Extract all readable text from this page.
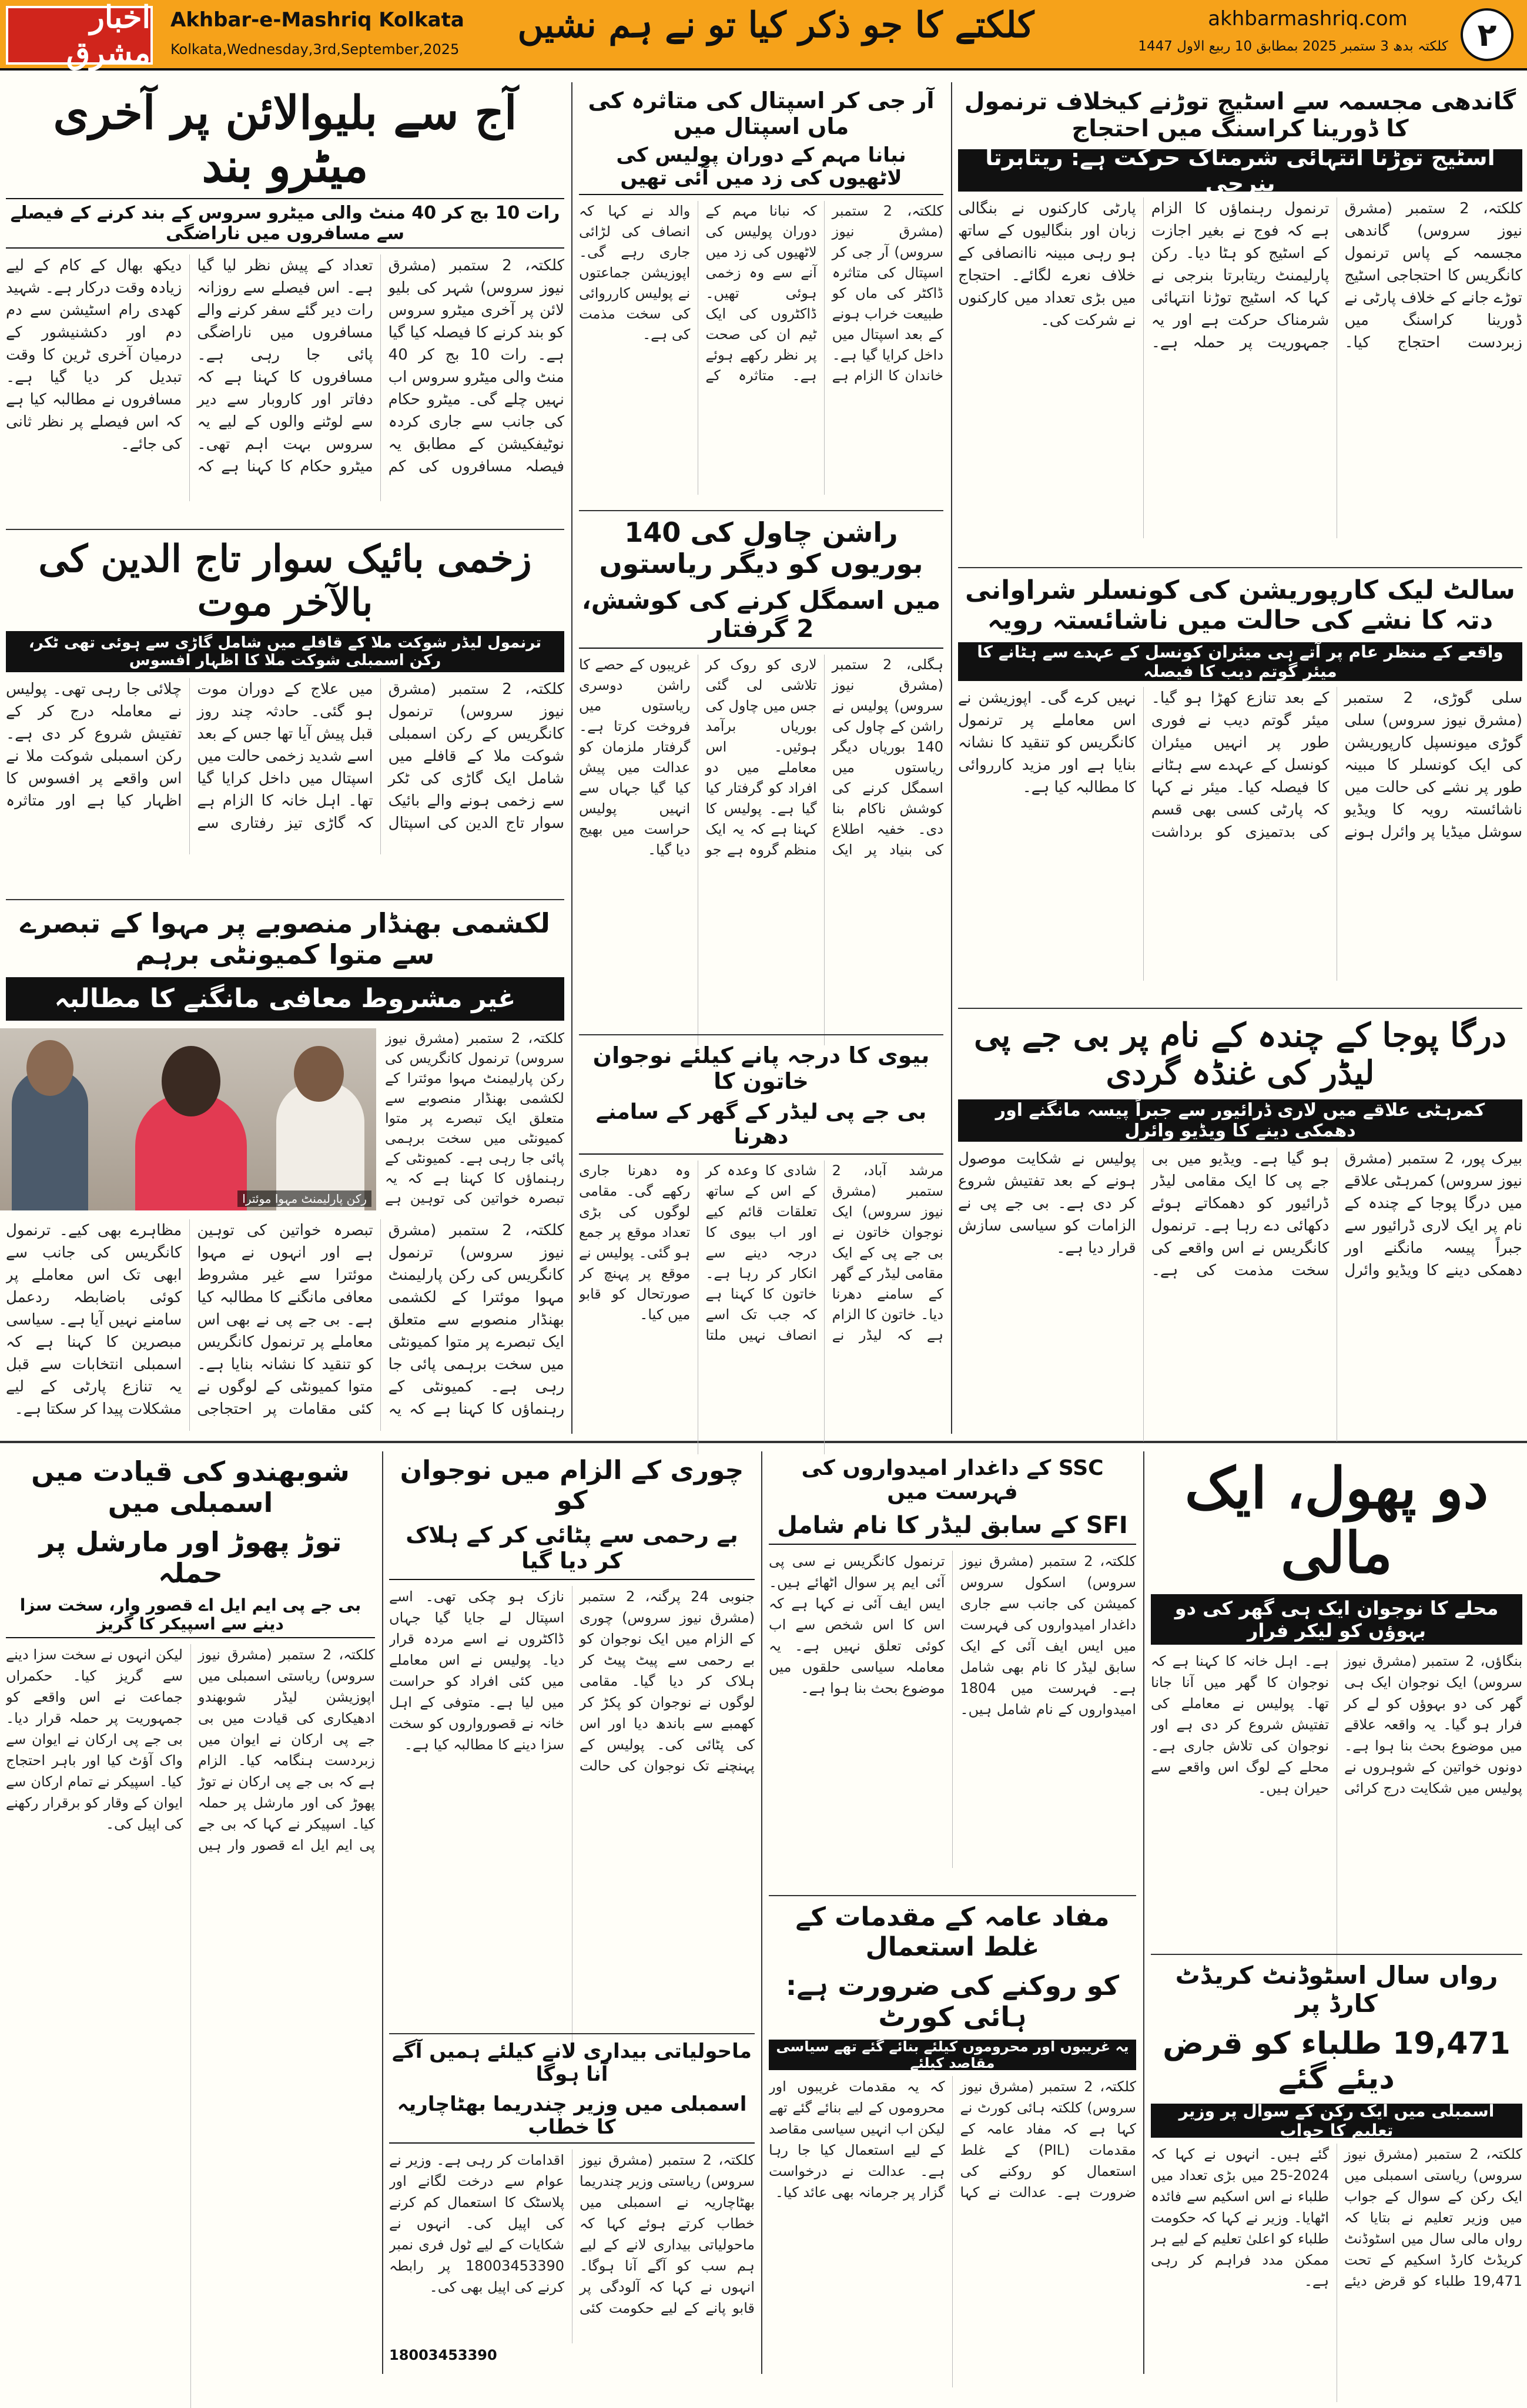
اخبار مشرق
Akhbar-e-Mashriq Kolkata
Kolkata,Wednesday,3rd,September,2025
کلکتے کا جو ذکر کیا تو نے ہم نشیں	akhbarmashriq.com
کلکتہ بدھ 3 ستمبر 2025 بمطابق 10 ربیع الاول 1447 ۲
آج سے بلیوالائن پر آخری میٹرو بند
رات 10 بج کر 40 منٹ والی میٹرو سروس کے بند کرنے کے فیصلے سے مسافروں میں ناراضگی
کلکتہ، 2 ستمبر (مشرق نیوز سروس) شہر کی بلیو لائن پر آخری میٹرو سروس کو بند کرنے کا فیصلہ کیا گیا ہے۔ رات 10 بج کر 40 منٹ والی میٹرو سروس اب نہیں چلے گی۔ میٹرو حکام کی جانب سے جاری کردہ نوٹیفکیشن کے مطابق یہ فیصلہ مسافروں کی کم تعداد کے پیش نظر لیا گیا ہے۔ اس فیصلے سے روزانہ رات دیر گئے سفر کرنے والے مسافروں میں ناراضگی پائی جا رہی ہے۔ مسافروں کا کہنا ہے کہ دفاتر اور کاروبار سے دیر سے لوٹنے والوں کے لیے یہ سروس بہت اہم تھی۔ میٹرو حکام کا کہنا ہے کہ دیکھ بھال کے کام کے لیے زیادہ وقت درکار ہے۔ شہید کھدی رام اسٹیشن سے دم دم اور دکشنیشور کے درمیان آخری ٹرین کا وقت تبدیل کر دیا گیا ہے۔ مسافروں نے مطالبہ کیا ہے کہ اس فیصلے پر نظر ثانی کی جائے۔
زخمی بائیک سوار تاج الدین کی بالآخر موت
ترنمول لیڈر شوکت ملا کے قافلے میں شامل گاڑی سے ہوئی تھی ٹکر، رکن اسمبلی شوکت ملا کا اظہار افسوس
کلکتہ، 2 ستمبر (مشرق نیوز سروس) ترنمول کانگریس کے رکن اسمبلی شوکت ملا کے قافلے میں شامل ایک گاڑی کی ٹکر سے زخمی ہونے والے بائیک سوار تاج الدین کی اسپتال میں علاج کے دوران موت ہو گئی۔ حادثہ چند روز قبل پیش آیا تھا جس کے بعد اسے شدید زخمی حالت میں اسپتال میں داخل کرایا گیا تھا۔ اہل خانہ کا الزام ہے کہ گاڑی تیز رفتاری سے چلائی جا رہی تھی۔ پولیس نے معاملہ درج کر کے تفتیش شروع کر دی ہے۔ رکن اسمبلی شوکت ملا نے اس واقعے پر افسوس کا اظہار کیا ہے اور متاثرہ
لکشمی بھنڈار منصوبے پر مہوا کے تبصرے سے متوا کمیونٹی برہم
غیر مشروط معافی مانگنے کا مطالبہ
رکن پارلیمنٹ مہوا موئترا
کلکتہ، 2 ستمبر (مشرق نیوز سروس) ترنمول کانگریس کی رکن پارلیمنٹ مہوا موئترا کے لکشمی بھنڈار منصوبے سے متعلق ایک تبصرے پر متوا کمیونٹی میں سخت برہمی پائی جا رہی ہے۔ کمیونٹی کے رہنماؤں کا کہنا ہے کہ یہ تبصرہ خواتین کی توہین ہے
کلکتہ، 2 ستمبر (مشرق نیوز سروس) ترنمول کانگریس کی رکن پارلیمنٹ مہوا موئترا کے لکشمی بھنڈار منصوبے سے متعلق ایک تبصرے پر متوا کمیونٹی میں سخت برہمی پائی جا رہی ہے۔ کمیونٹی کے رہنماؤں کا کہنا ہے کہ یہ تبصرہ خواتین کی توہین ہے اور انہوں نے مہوا موئترا سے غیر مشروط معافی مانگنے کا مطالبہ کیا ہے۔ بی جے پی نے بھی اس معاملے پر ترنمول کانگریس کو تنقید کا نشانہ بنایا ہے۔ متوا کمیونٹی کے لوگوں نے کئی مقامات پر احتجاجی مظاہرے بھی کیے۔ ترنمول کانگریس کی جانب سے ابھی تک اس معاملے پر کوئی باضابطہ ردعمل سامنے نہیں آیا ہے۔ سیاسی مبصرین کا کہنا ہے کہ اسمبلی انتخابات سے قبل یہ تنازع پارٹی کے لیے مشکلات پیدا کر سکتا ہے۔
آر جی کر اسپتال کی متاثرہ کی ماں اسپتال میں
نبانا مہم کے دوران پولیس کی لاٹھیوں کی زد میں آئی تھیں
کلکتہ، 2 ستمبر (مشرق نیوز سروس) آر جی کر اسپتال کی متاثرہ ڈاکٹر کی ماں کو طبیعت خراب ہونے کے بعد اسپتال میں داخل کرایا گیا ہے۔ خاندان کا الزام ہے کہ نبانا مہم کے دوران پولیس کی لاٹھیوں کی زد میں آنے سے وہ زخمی ہوئی تھیں۔ ڈاکٹروں کی ایک ٹیم ان کی صحت پر نظر رکھے ہوئے ہے۔ متاثرہ کے والد نے کہا کہ انصاف کی لڑائی جاری رہے گی۔ اپوزیشن جماعتوں نے پولیس کارروائی کی سخت مذمت کی ہے۔
راشن چاول کی 140 بوریوں کو دیگر ریاستوں
میں اسمگل کرنے کی کوشش، 2 گرفتار
ہگلی، 2 ستمبر (مشرق نیوز سروس) پولیس نے راشن کے چاول کی 140 بوریاں دیگر ریاستوں میں اسمگل کرنے کی کوشش ناکام بنا دی۔ خفیہ اطلاع کی بنیاد پر ایک لاری کو روک کر تلاشی لی گئی جس میں چاول کی بوریاں برآمد ہوئیں۔ اس معاملے میں دو افراد کو گرفتار کیا گیا ہے۔ پولیس کا کہنا ہے کہ یہ ایک منظم گروہ ہے جو غریبوں کے حصے کا راشن دوسری ریاستوں میں فروخت کرتا ہے۔ گرفتار ملزمان کو عدالت میں پیش کیا گیا جہاں سے انہیں پولیس حراست میں بھیج دیا گیا۔
بیوی کا درجہ پانے کیلئے نوجوان خاتون کا
بی جے پی لیڈر کے گھر کے سامنے دھرنا
مرشد آباد، 2 ستمبر (مشرق نیوز سروس) ایک نوجوان خاتون نے بی جے پی کے ایک مقامی لیڈر کے گھر کے سامنے دھرنا دیا۔ خاتون کا الزام ہے کہ لیڈر نے شادی کا وعدہ کر کے اس کے ساتھ تعلقات قائم کیے اور اب بیوی کا درجہ دینے سے انکار کر رہا ہے۔ خاتون کا کہنا ہے کہ جب تک اسے انصاف نہیں ملتا وہ دھرنا جاری رکھے گی۔ مقامی لوگوں کی بڑی تعداد موقع پر جمع ہو گئی۔ پولیس نے موقع پر پہنچ کر صورتحال کو قابو میں کیا۔
گاندھی مجسمہ سے اسٹیج توڑنے کیخلاف ترنمول کا ڈورینا کراسنگ میں احتجاج
اسٹیج توڑنا انتہائی شرمناک حرکت ہے: ریتابرتا بنرجی
کلکتہ، 2 ستمبر (مشرق نیوز سروس) گاندھی مجسمہ کے پاس ترنمول کانگریس کا احتجاجی اسٹیج توڑے جانے کے خلاف پارٹی نے ڈورینا کراسنگ میں زبردست احتجاج کیا۔ ترنمول رہنماؤں کا الزام ہے کہ فوج نے بغیر اجازت کے اسٹیج کو ہٹا دیا۔ رکن پارلیمنٹ ریتابرتا بنرجی نے کہا کہ اسٹیج توڑنا انتہائی شرمناک حرکت ہے اور یہ جمہوریت پر حملہ ہے۔ پارٹی کارکنوں نے بنگالی زبان اور بنگالیوں کے ساتھ ہو رہی مبینہ ناانصافی کے خلاف نعرے لگائے۔ احتجاج میں بڑی تعداد میں کارکنوں نے شرکت کی۔
سالٹ لیک کارپوریشن کی کونسلر شراوانی دتہ کا نشے کی حالت میں ناشائستہ رویہ
واقعے کے منظر عام پر آتے ہی میئران کونسل کے عہدے سے ہٹانے کا میئر گوتم دیب کا فیصلہ
سلی گوڑی، 2 ستمبر (مشرق نیوز سروس) سلی گوڑی میونسپل کارپوریشن کی ایک کونسلر کا مبینہ طور پر نشے کی حالت میں ناشائستہ رویہ کا ویڈیو سوشل میڈیا پر وائرل ہونے کے بعد تنازع کھڑا ہو گیا۔ میئر گوتم دیب نے فوری طور پر انہیں میئران کونسل کے عہدے سے ہٹانے کا فیصلہ کیا۔ میئر نے کہا کہ پارٹی کسی بھی قسم کی بدتمیزی کو برداشت نہیں کرے گی۔ اپوزیشن نے اس معاملے پر ترنمول کانگریس کو تنقید کا نشانہ بنایا ہے اور مزید کارروائی کا مطالبہ کیا ہے۔
درگا پوجا کے چندہ کے نام پر بی جے پی لیڈر کی غنڈہ گردی
کمرہٹی علاقے میں لاری ڈرائیور سے جبراً پیسہ مانگنے اور دھمکی دینے کا ویڈیو وائرل
بیرک پور، 2 ستمبر (مشرق نیوز سروس) کمرہٹی علاقے میں درگا پوجا کے چندہ کے نام پر ایک لاری ڈرائیور سے جبراً پیسہ مانگنے اور دھمکی دینے کا ویڈیو وائرل ہو گیا ہے۔ ویڈیو میں بی جے پی کا ایک مقامی لیڈر ڈرائیور کو دھمکاتے ہوئے دکھائی دے رہا ہے۔ ترنمول کانگریس نے اس واقعے کی سخت مذمت کی ہے۔ پولیس نے شکایت موصول ہونے کے بعد تفتیش شروع کر دی ہے۔ بی جے پی نے الزامات کو سیاسی سازش قرار دیا ہے۔
شوبھندو کی قیادت میں اسمبلی میں
توڑ پھوڑ اور مارشل پر حملہ
بی جے پی ایم ایل اے قصور وار، سخت سزا دینے سے اسپیکر کا گریز
کلکتہ، 2 ستمبر (مشرق نیوز سروس) ریاستی اسمبلی میں اپوزیشن لیڈر شوبھندو ادھیکاری کی قیادت میں بی جے پی ارکان نے ایوان میں زبردست ہنگامہ کیا۔ الزام ہے کہ بی جے پی ارکان نے توڑ پھوڑ کی اور مارشل پر حملہ کیا۔ اسپیکر نے کہا کہ بی جے پی ایم ایل اے قصور وار ہیں لیکن انہوں نے سخت سزا دینے سے گریز کیا۔ حکمراں جماعت نے اس واقعے کو جمہوریت پر حملہ قرار دیا۔ بی جے پی ارکان نے ایوان سے واک آؤٹ کیا اور باہر احتجاج کیا۔ اسپیکر نے تمام ارکان سے ایوان کے وقار کو برقرار رکھنے کی اپیل کی۔
چوری کے الزام میں نوجوان کو
بے رحمی سے پٹائی کر کے ہلاک کر دیا گیا
جنوبی 24 پرگنہ، 2 ستمبر (مشرق نیوز سروس) چوری کے الزام میں ایک نوجوان کو بے رحمی سے پیٹ پیٹ کر ہلاک کر دیا گیا۔ مقامی لوگوں نے نوجوان کو پکڑ کر کھمبے سے باندھ دیا اور اس کی پٹائی کی۔ پولیس کے پہنچنے تک نوجوان کی حالت نازک ہو چکی تھی۔ اسے اسپتال لے جایا گیا جہاں ڈاکٹروں نے اسے مردہ قرار دیا۔ پولیس نے اس معاملے میں کئی افراد کو حراست میں لیا ہے۔ متوفی کے اہل خانہ نے قصورواروں کو سخت سزا دینے کا مطالبہ کیا ہے۔
ماحولیاتی بیداری لانے کیلئے ہمیں آگے آنا ہوگا
اسمبلی میں وزیر چندریما بھٹاچاریہ کا خطاب
کلکتہ، 2 ستمبر (مشرق نیوز سروس) ریاستی وزیر چندریما بھٹاچاریہ نے اسمبلی میں خطاب کرتے ہوئے کہا کہ ماحولیاتی بیداری لانے کے لیے ہم سب کو آگے آنا ہوگا۔ انہوں نے کہا کہ آلودگی پر قابو پانے کے لیے حکومت کئی اقدامات کر رہی ہے۔ وزیر نے عوام سے درخت لگانے اور پلاسٹک کا استعمال کم کرنے کی اپیل کی۔ انہوں نے شکایات کے لیے ٹول فری نمبر 18003453390 پر رابطہ کرنے کی اپیل بھی کی۔
18003453390
SSC کے داغدار امیدواروں کی فہرست میں
SFI کے سابق لیڈر کا نام شامل
کلکتہ، 2 ستمبر (مشرق نیوز سروس) اسکول سروس کمیشن کی جانب سے جاری داغدار امیدواروں کی فہرست میں ایس ایف آئی کے ایک سابق لیڈر کا نام بھی شامل ہے۔ فہرست میں 1804 امیدواروں کے نام شامل ہیں۔ ترنمول کانگریس نے سی پی آئی ایم پر سوال اٹھائے ہیں۔ ایس ایف آئی نے کہا ہے کہ اس کا اس شخص سے اب کوئی تعلق نہیں ہے۔ یہ معاملہ سیاسی حلقوں میں موضوع بحث بنا ہوا ہے۔
مفاد عامہ کے مقدمات کے غلط استعمال
کو روکنے کی ضرورت ہے: ہائی کورٹ
یہ غریبوں اور محروموں کیلئے بنائے گئے تھے سیاسی مقاصد کیلئے
کلکتہ، 2 ستمبر (مشرق نیوز سروس) کلکتہ ہائی کورٹ نے کہا ہے کہ مفاد عامہ کے مقدمات (PIL) کے غلط استعمال کو روکنے کی ضرورت ہے۔ عدالت نے کہا کہ یہ مقدمات غریبوں اور محروموں کے لیے بنائے گئے تھے لیکن اب انہیں سیاسی مقاصد کے لیے استعمال کیا جا رہا ہے۔ عدالت نے درخواست گزار پر جرمانہ بھی عائد کیا۔
دو پھول، ایک مالی
محلے کا نوجوان ایک ہی گھر کی دو بہوؤں کو لیکر فرار
بنگاؤں، 2 ستمبر (مشرق نیوز سروس) ایک نوجوان ایک ہی گھر کی دو بہوؤں کو لے کر فرار ہو گیا۔ یہ واقعہ علاقے میں موضوع بحث بنا ہوا ہے۔ دونوں خواتین کے شوہروں نے پولیس میں شکایت درج کرائی ہے۔ اہل خانہ کا کہنا ہے کہ نوجوان کا گھر میں آنا جانا تھا۔ پولیس نے معاملے کی تفتیش شروع کر دی ہے اور نوجوان کی تلاش جاری ہے۔ محلے کے لوگ اس واقعے سے حیران ہیں۔
رواں سال اسٹوڈنٹ کریڈٹ کارڈ پر
19,471 طلباء کو قرض دیئے گئے
اسمبلی میں ایک رکن کے سوال پر وزیر تعلیم کا جواب
کلکتہ، 2 ستمبر (مشرق نیوز سروس) ریاستی اسمبلی میں ایک رکن کے سوال کے جواب میں وزیر تعلیم نے بتایا کہ رواں مالی سال میں اسٹوڈنٹ کریڈٹ کارڈ اسکیم کے تحت 19,471 طلباء کو قرض دیئے گئے ہیں۔ انہوں نے کہا کہ 2024-25 میں بڑی تعداد میں طلباء نے اس اسکیم سے فائدہ اٹھایا۔ وزیر نے کہا کہ حکومت طلباء کو اعلیٰ تعلیم کے لیے ہر ممکن مدد فراہم کر رہی ہے۔
